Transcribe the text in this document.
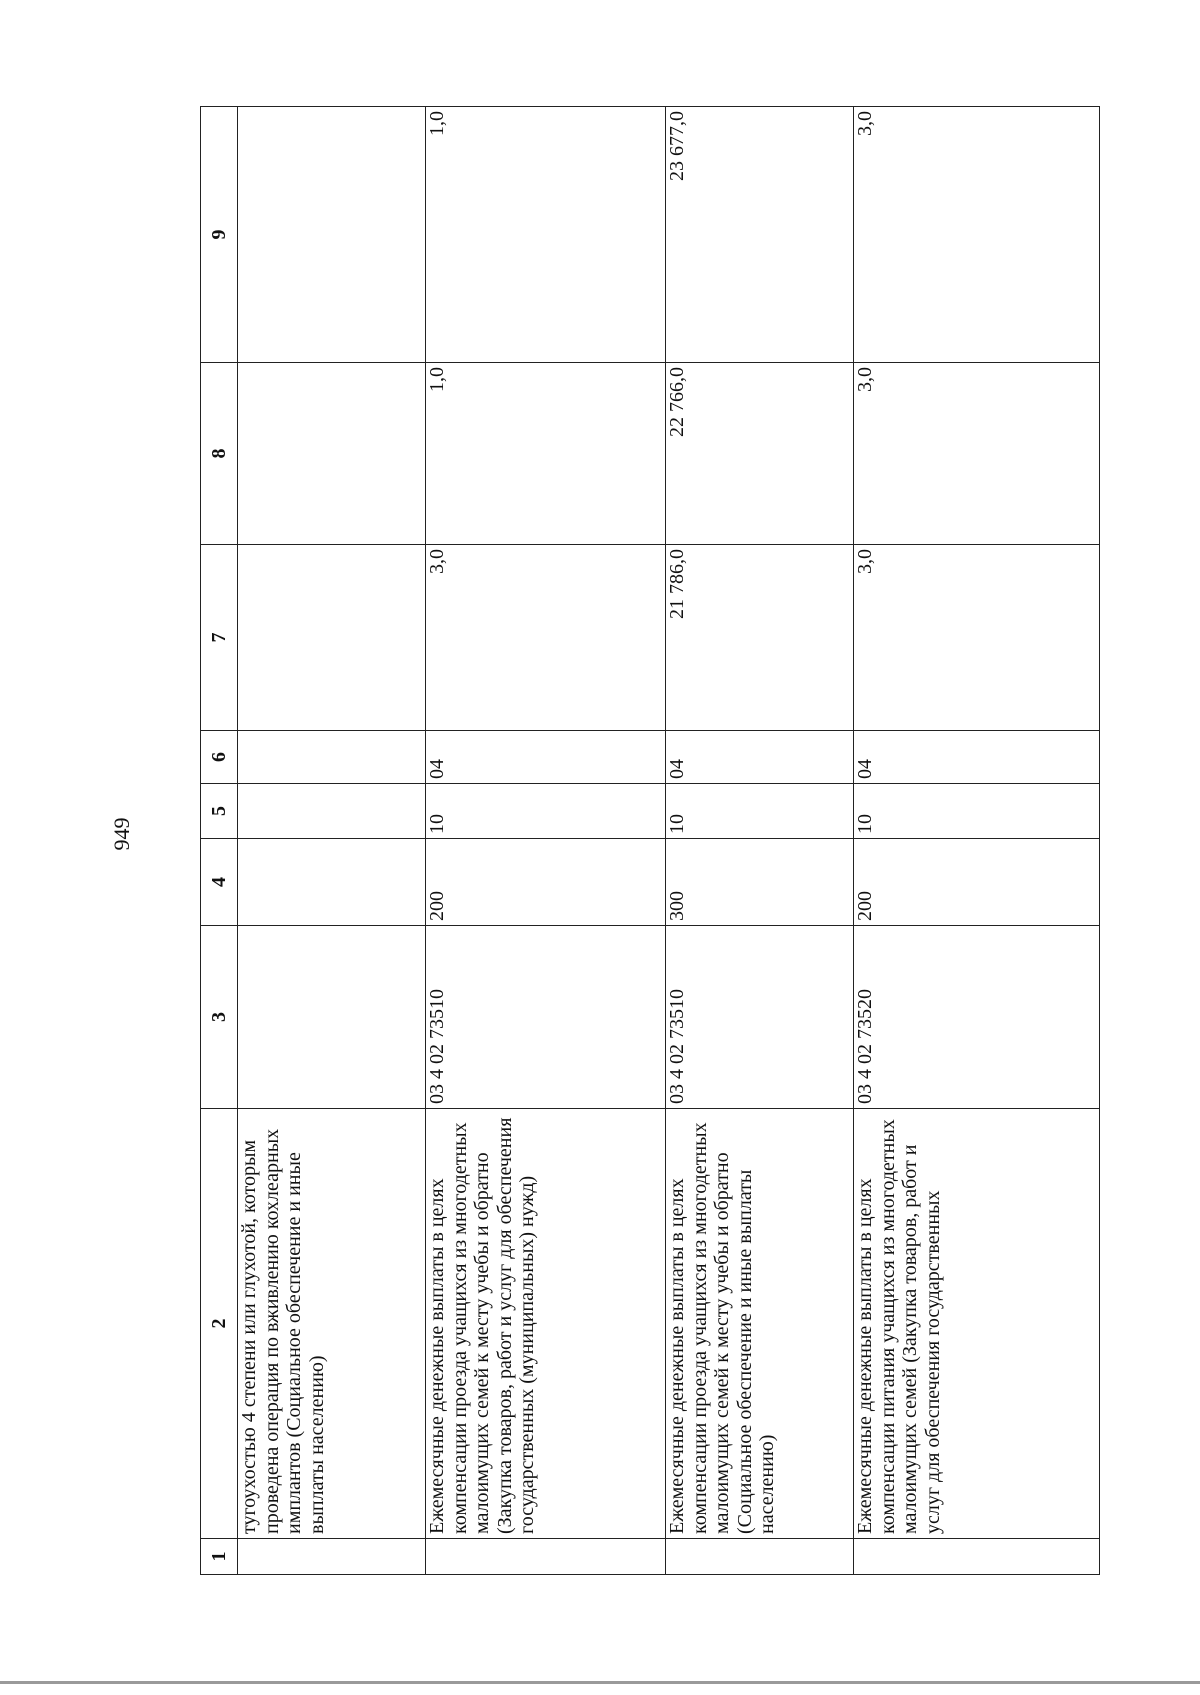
949
1	2	3	4	5	6	7	8	9
	тугоухостью 4 степени или глухотой, которым проведена операция по вживлению кохлеарных имплантов (Социальное обеспечение и иные выплаты населению)							
	Ежемесячные денежные выплаты в целях компенсации проезда учащихся из многодетных малоимущих семей к месту учебы и обратно (Закупка товаров, работ и услуг для обеспечения государственных (муниципальных) нужд)	03 4 02 73510	200	10	04	3,0	1,0	1,0
	Ежемесячные денежные выплаты в целях компенсации проезда учащихся из многодетных малоимущих семей к месту учебы и обратно (Социальное обеспечение и иные выплаты населению)	03 4 02 73510	300	10	04	21 786,0	22 766,0	23 677,0
	Ежемесячные денежные выплаты в целях компенсации питания учащихся из многодетных малоимущих семей (Закупка товаров, работ и услуг для обеспечения государственных	03 4 02 73520	200	10	04	3,0	3,0	3,0
